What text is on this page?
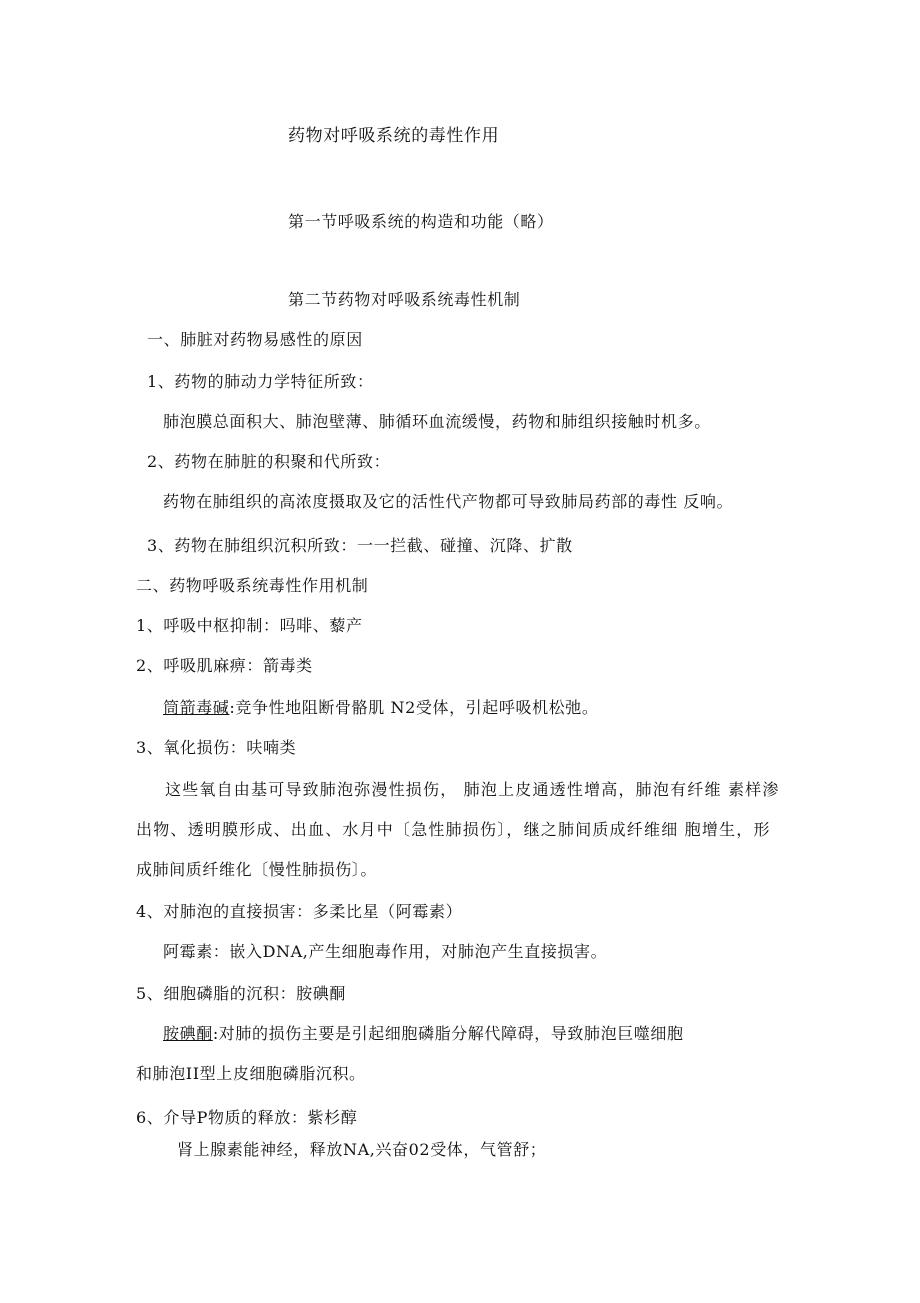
药物对呼吸系统的毒性作用
第一节呼吸系统的构造和功能（略）
第二节药物对呼吸系统毒性机制
一、肺脏对药物易感性的原因
1、药物的肺动力学特征所致：
肺泡膜总面积大、肺泡壁薄、肺循环血流缓慢，药物和肺组织接触时机多。
2、药物在肺脏的积聚和代所致：
药物在肺组织的高浓度摄取及它的活性代产物都可导致肺局药部的毒性 反响。
3、药物在肺组织沉积所致：一一拦截、碰撞、沉降、扩散
二、药物呼吸系统毒性作用机制
1、呼吸中枢抑制：吗啡、藜产
2、呼吸肌麻痹：箭毒类
筒箭毒碱:竞争性地阻断骨骼肌 N2受体，引起呼吸机松弛。
3、氧化损伤：呋喃类
这些氧自由基可导致肺泡弥漫性损伤， 肺泡上皮通透性增高，肺泡有纤维 素样渗
出物、透明膜形成、出血、水月中〔急性肺损伤〕，继之肺间质成纤维细 胞增生，形
成肺间质纤维化〔慢性肺损伤〕。
4、对肺泡的直接损害：多柔比星（阿霉素）
阿霉素：嵌入DNA,产生细胞毒作用，对肺泡产生直接损害。
5、细胞磷脂的沉积：胺碘酮
胺碘酮:对肺的损伤主要是引起细胞磷脂分解代障碍，导致肺泡巨噬细胞
和肺泡II型上皮细胞磷脂沉积。
6、介导P物质的释放：紫杉醇
肾上腺素能神经，释放NA,兴奋02受体，气管舒；
